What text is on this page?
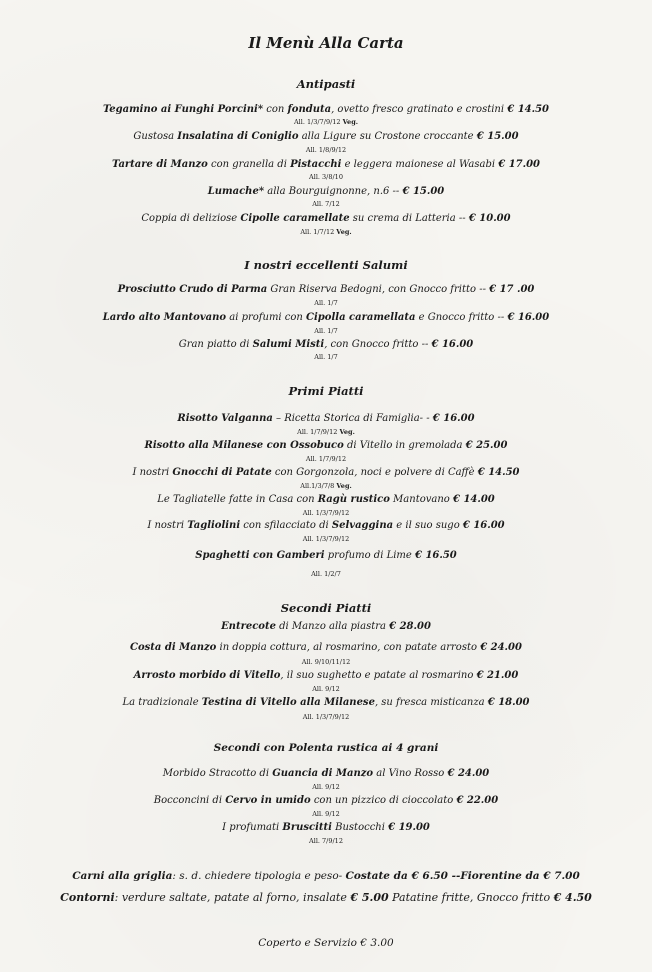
Il Menù Alla Carta
Antipasti
Tegamino ai Funghi Porcini* con fonduta, ovetto fresco gratinato e crostini € 14.50
All. 1/3/7/9/12 Veg.
Gustosa Insalatina di Coniglio alla Ligure su Crostone croccante € 15.00
All. 1/8/9/12
Tartare di Manzo con granella di Pistacchi e leggera maionese al Wasabi € 17.00
All. 3/8/10
Lumache* alla Bourguignonne, n.6 -- € 15.00
All. 7/12
Coppia di deliziose Cipolle caramellate su crema di Latteria -- € 10.00
All. 1/7/12 Veg.
I nostri eccellenti Salumi
Prosciutto Crudo di Parma Gran Riserva Bedogni, con Gnocco fritto -- € 17 .00
All. 1/7
Lardo alto Mantovano ai profumi con Cipolla caramellata e Gnocco fritto -- € 16.00
All. 1/7
Gran piatto di Salumi Misti, con Gnocco fritto -- € 16.00
All. 1/7
Primi Piatti
Risotto Valganna – Ricetta Storica di Famiglia- - € 16.00
All. 1/7/9/12 Veg.
Risotto alla Milanese con Ossobuco di Vitello in gremolada € 25.00
All. 1/7/9/12
I nostri Gnocchi di Patate con Gorgonzola, noci e polvere di Caffè € 14.50
All.1/3/7/8 Veg.
Le Tagliatelle fatte in Casa con Ragù rustico Mantovano € 14.00
All. 1/3/7/9/12
I nostri Tagliolini con sfilacciato di Selvaggina e il suo sugo € 16.00
All. 1/3/7/9/12
Spaghetti con Gamberi profumo di Lime € 16.50
All. 1/2/7
Secondi Piatti
Entrecote di Manzo alla piastra € 28.00
Costa di Manzo in doppia cottura, al rosmarino, con patate arrosto € 24.00
All. 9/10/11/12
Arrosto morbido di Vitello, il suo sughetto e patate al rosmarino € 21.00
All. 9/12
La tradizionale Testina di Vitello alla Milanese, su fresca misticanza € 18.00
All. 1/3/7/9/12
Secondi con Polenta rustica ai 4 grani
Morbido Stracotto di Guancia di Manzo al Vino Rosso € 24.00
All. 9/12
Bocconcini di Cervo in umido con un pizzico di cioccolato € 22.00
All. 9/12
I profumati Bruscitti Bustocchi € 19.00
All. 7/9/12
Carni alla griglia: s. d. chiedere tipologia e peso- Costate da € 6.50 --Fiorentine da € 7.00
Contorni: verdure saltate, patate al forno, insalate € 5.00 Patatine fritte, Gnocco fritto € 4.50
Coperto e Servizio € 3.00
